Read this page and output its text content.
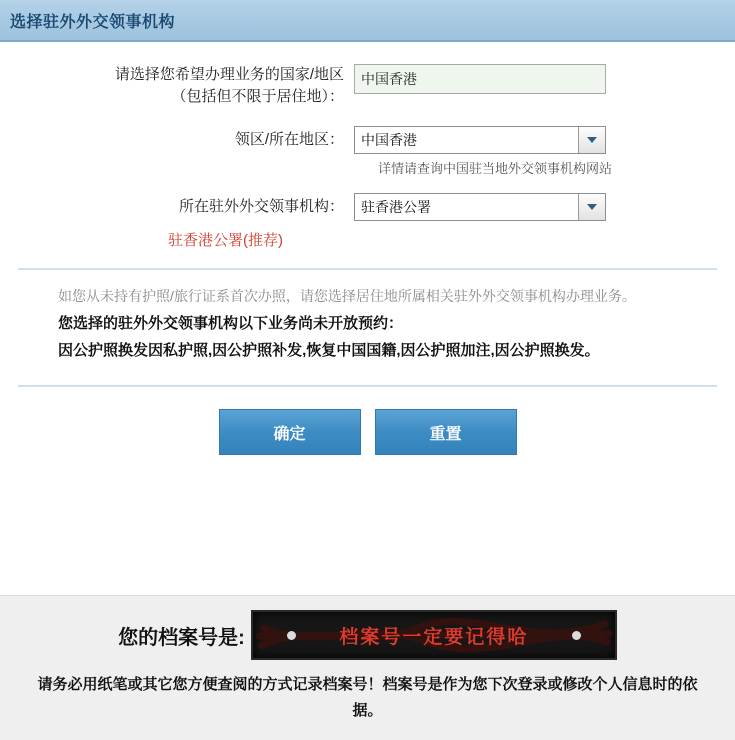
选择驻外外交领事机构
请选择您希望办理业务的国家/地区
（包括但不限于居住地）：
中国香港
领区/所在地区：	中国香港
详情请查询中国驻当地外交领事机构网站
所在驻外外交领事机构：	驻香港公署
驻香港公署(推荐)
如您从未持有护照/旅行证系首次办照，请您选择居住地所属相关驻外外交领事机构办理业务。
您选择的驻外外交领事机构以下业务尚未开放预约：
因公护照换发因私护照,因公护照补发,恢复中国国籍,因公护照加注,因公护照换发。
确定	重置
您的档案号是:	档案号一定要记得哈
请务必用纸笔或其它您方便查阅的方式记录档案号！档案号是作为您下次登录或修改个人信息时的依据。
